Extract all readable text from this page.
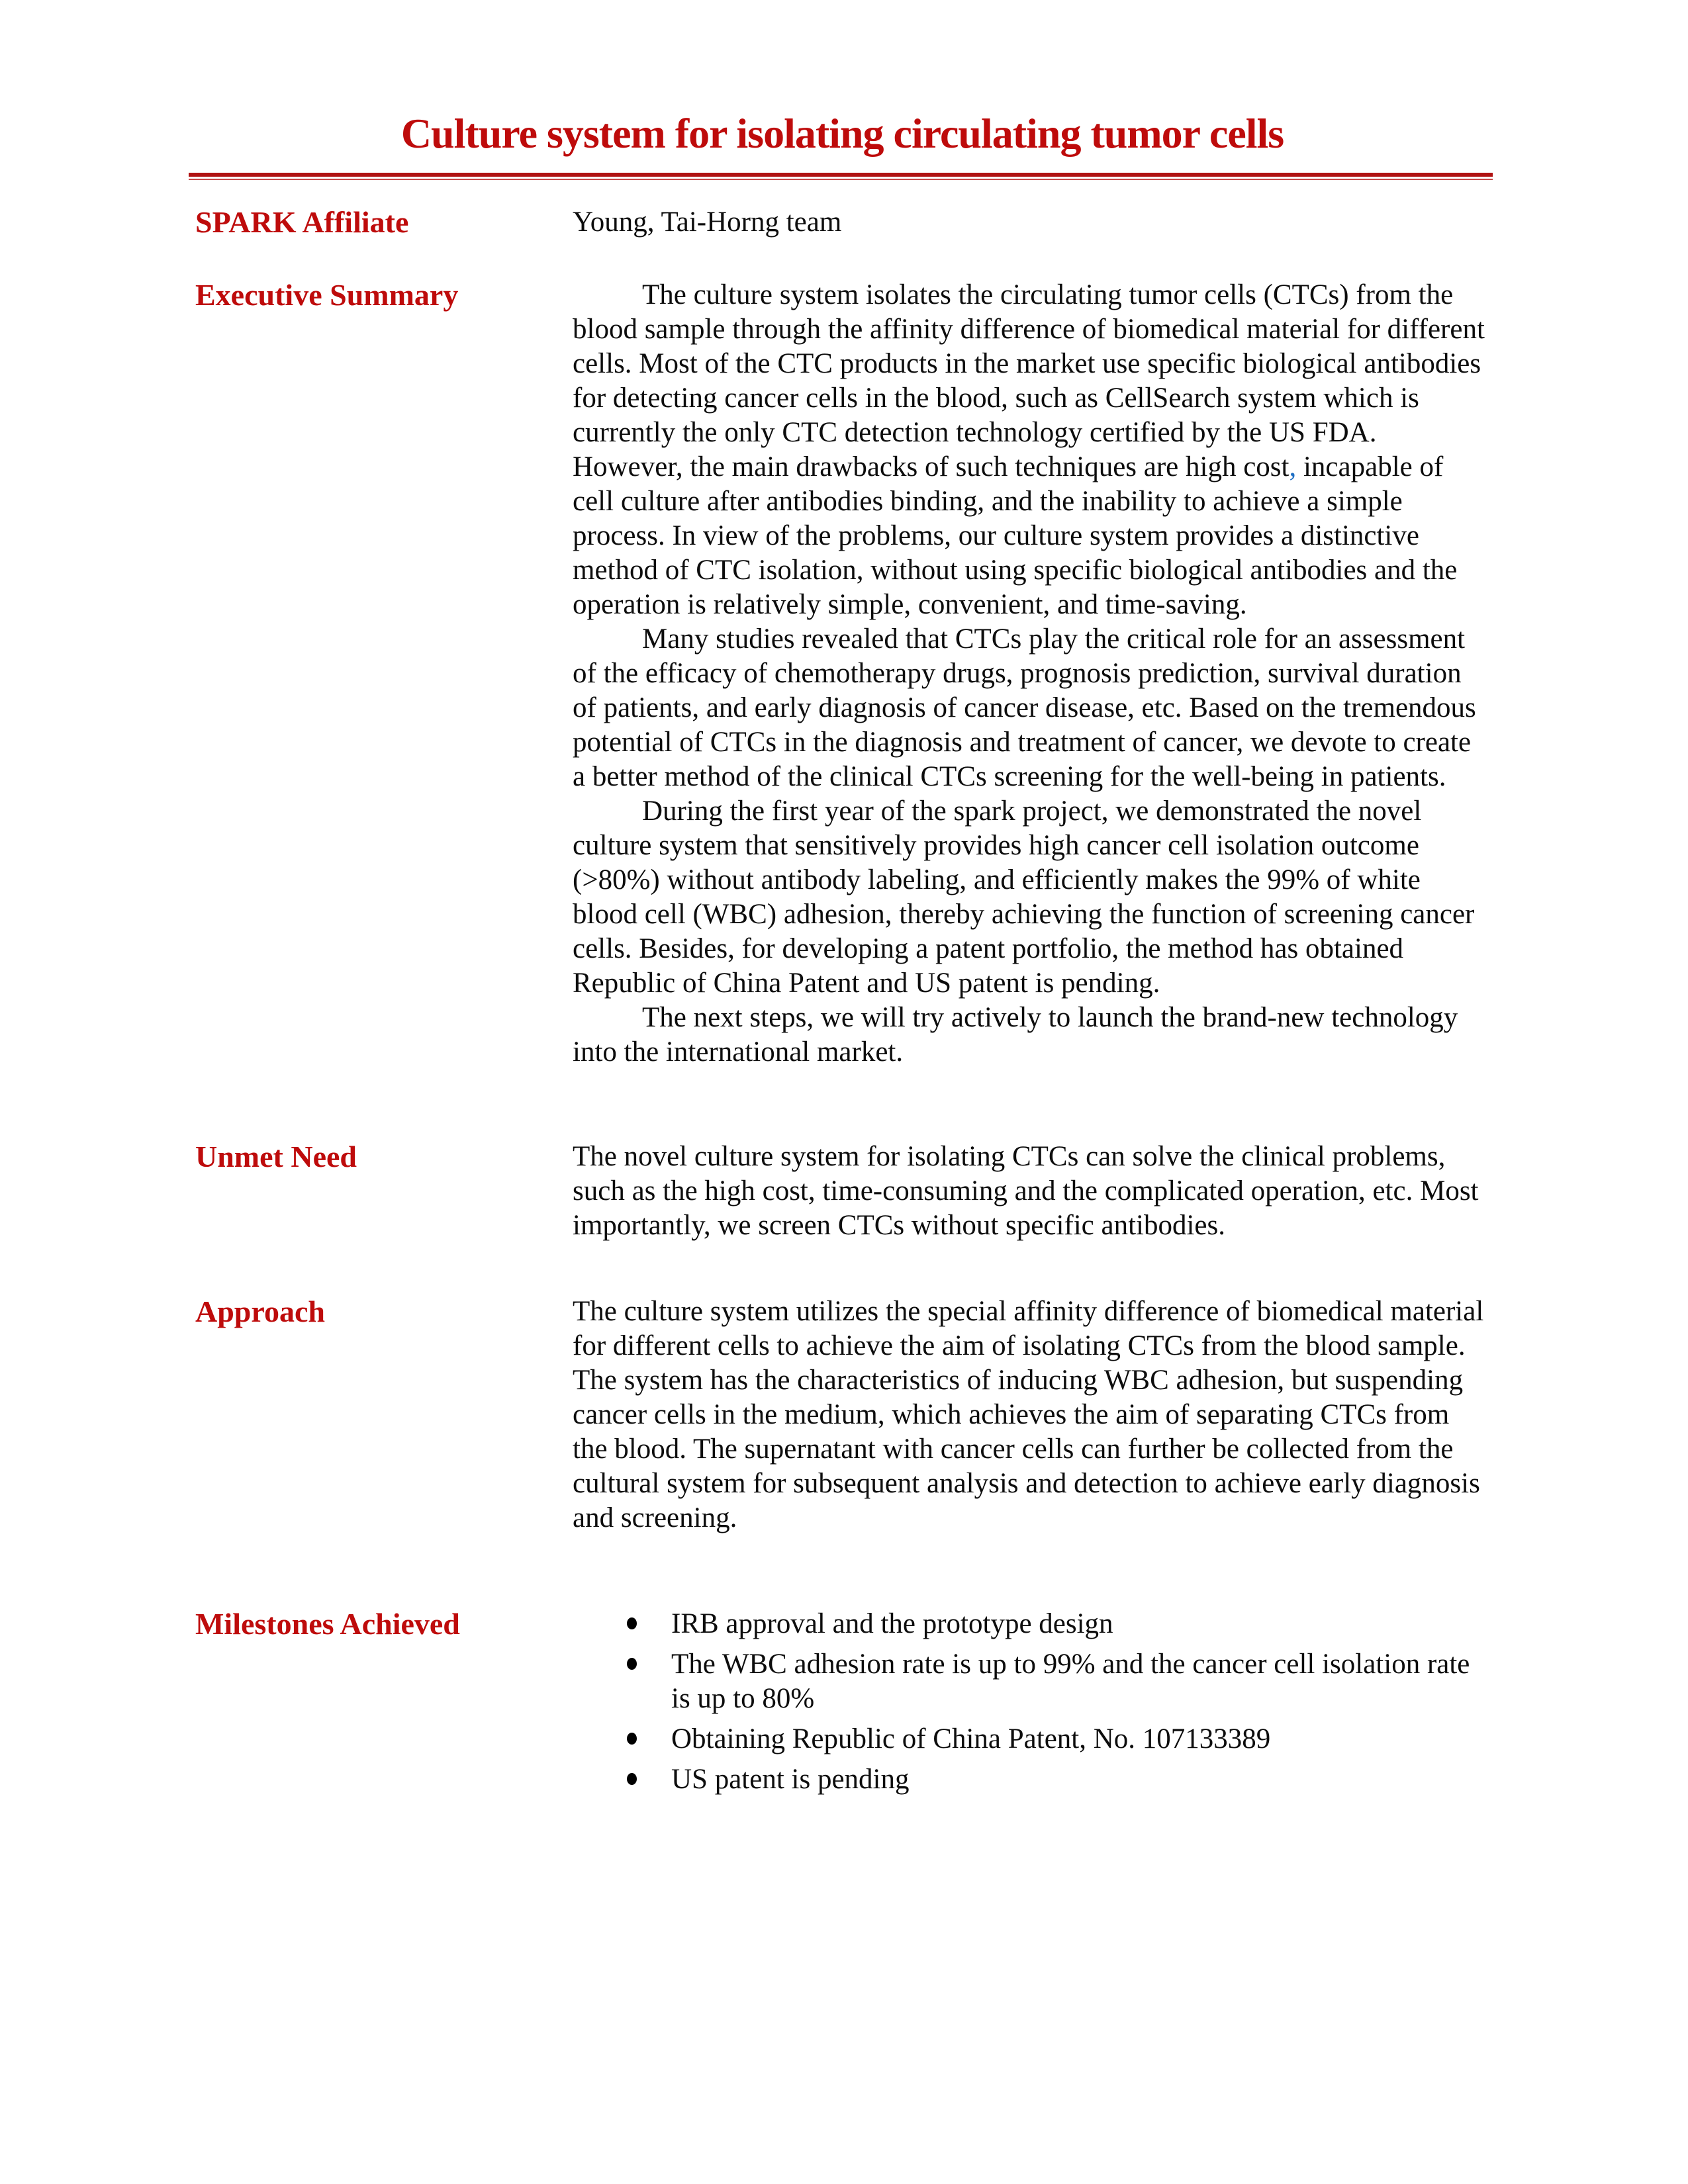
Culture system for isolating circulating tumor cells
SPARK Affiliate	Young, Tai-Horng team

Executive Summary	The culture system isolates the circulating tumor cells (CTCs) from the blood sample through the affinity difference of biomedical material for different cells. Most of the CTC products in the market use specific biological antibodies for detecting cancer cells in the blood, such as CellSearch system which is currently the only CTC detection technology certified by the US FDA. However, the main drawbacks of such techniques are high cost, incapable of cell culture after antibodies binding, and the inability to achieve a simple process. In view of the problems, our culture system provides a distinctive method of CTC isolation, without using specific biological antibodies and the operation is relatively simple, convenient, and time-saving.

Many studies revealed that CTCs play the critical role for an assessment of the efficacy of chemotherapy drugs, prognosis prediction, survival duration of patients, and early diagnosis of cancer disease, etc. Based on the tremendous potential of CTCs in the diagnosis and treatment of cancer, we devote to create a better method of the clinical CTCs screening for the well-being in patients.

During the first year of the spark project, we demonstrated the novel culture system that sensitively provides high cancer cell isolation outcome (>80%) without antibody labeling, and efficiently makes the 99% of white blood cell (WBC) adhesion, thereby achieving the function of screening cancer cells. Besides, for developing a patent portfolio, the method has obtained Republic of China Patent and US patent is pending.

The next steps, we will try actively to launch the brand-new technology into the international market.

Unmet Need	The novel culture system for isolating CTCs can solve the clinical problems, such as the high cost, time-consuming and the complicated operation, etc. Most importantly, we screen CTCs without specific antibodies.

Approach	The culture system utilizes the special affinity difference of biomedical material for different cells to achieve the aim of isolating CTCs from the blood sample. The system has the characteristics of inducing WBC adhesion, but suspending cancer cells in the medium, which achieves the aim of separating CTCs from the blood. The supernatant with cancer cells can further be collected from the cultural system for subsequent analysis and detection to achieve early diagnosis and screening.

Milestones Achieved	IRB approval and the prototype design
The WBC adhesion rate is up to 99% and the cancer cell isolation rate is up to 80%
Obtaining Republic of China Patent, No. 107133389
US patent is pending
